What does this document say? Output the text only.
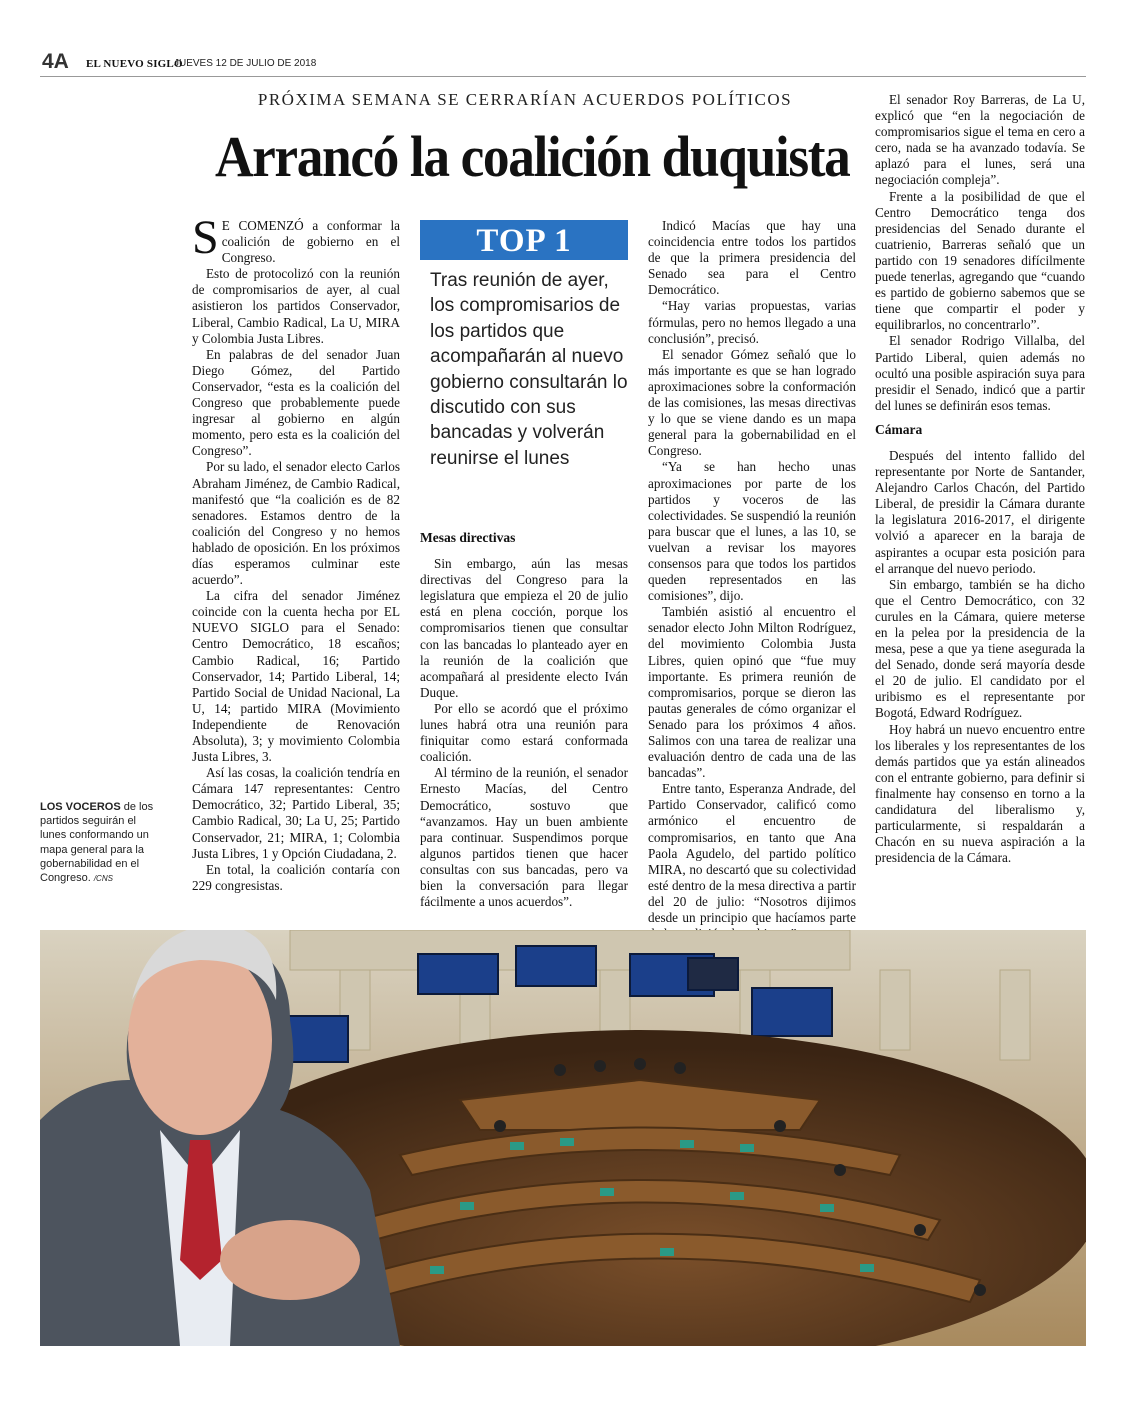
4A EL NUEVO SIGLO
JUEVES 12 DE JULIO DE 2018
PRÓXIMA SEMANA SE CERRARÍAN ACUERDOS POLÍTICOS
Arrancó la coalición duquista

S E COMENZÓ a conformar la coalición de gobierno en el Congreso.

Esto de protocolizó con la reunión de compromisarios de ayer, al cual asistieron los partidos Conservador, Liberal, Cambio Radical, La U, MIRA y Colombia Justa Libres.

En palabras de del senador Juan Diego Gómez, del Partido Conservador, “esta es la coalición del Congreso que probablemente puede ingresar al gobierno en algún momento, pero esta es la coalición del Congreso”.

Por su lado, el senador electo Carlos Abraham Jiménez, de Cambio Radical, manifestó que “la coalición es de 82 senadores. Estamos dentro de la coalición del Congreso y no hemos hablado de oposición. En los próximos días esperamos culminar este acuerdo”.

La cifra del senador Jiménez coincide con la cuenta hecha por EL NUEVO SIGLO para el Senado: Centro Democrático, 18 escaños; Cambio Radical, 16; Partido Conservador, 14; Partido Liberal, 14; Partido Social de Unidad Nacional, La U, 14; partido MIRA (Movimiento Independiente de Renovación Absoluta), 3; y movimiento Colombia Justa Libres, 3.

Así las cosas, la coalición tendría en Cámara 147 representantes: Centro Democrático, 32; Partido Liberal, 35; Cambio Radical, 30; La U, 25; Partido Conservador, 21; MIRA, 1; Colombia Justa Libres, 1 y Opción Ciudadana, 2.

En total, la coalición contaría con 229 congresistas.

TOP 1
Tras reunión de ayer, los compromisarios de los partidos que acompañarán al nuevo gobierno consultarán lo discutido con sus bancadas y volverán reunirse el lunes
Mesas directivas

Sin embargo, aún las mesas directivas del Congreso para la legislatura que empieza el 20 de julio está en plena cocción, porque los compromisarios tienen que consultar con las bancadas lo planteado ayer en la reunión de la coalición que acompañará al presidente electo Iván Duque.

Por ello se acordó que el próximo lunes habrá otra una reunión para finiquitar como estará conformada coalición.

Al término de la reunión, el senador Ernesto Macías, del Centro Democrático, sostuvo que “avanzamos. Hay un buen ambiente para continuar. Suspendimos porque algunos partidos tienen que hacer consultas con sus bancadas, pero va bien la conversación para llegar fácilmente a unos acuerdos”.

Indicó Macías que hay una coincidencia entre todos los partidos de que la primera presidencia del Senado sea para el Centro Democrático.

“Hay varias propuestas, varias fórmulas, pero no hemos llegado a una conclusión”, precisó.

El senador Gómez señaló que lo más importante es que se han logrado aproximaciones sobre la conformación de las comisiones, las mesas directivas y lo que se viene dando es un mapa general para la gobernabilidad en el Congreso.

“Ya se han hecho unas aproximaciones por parte de los partidos y voceros de las colectividades. Se suspendió la reunión para buscar que el lunes, a las 10, se vuelvan a revisar los mayores consensos para que todos los partidos queden representados en las comisiones”, dijo.

También asistió al encuentro el senador electo John Milton Rodríguez, del movimiento Colombia Justa Libres, quien opinó que “fue muy importante. Es primera reunión de compromisarios, porque se dieron las pautas generales de cómo organizar el Senado para los próximos 4 años. Salimos con una tarea de realizar una evaluación dentro de cada una de las bancadas”.

Entre tanto, Esperanza Andrade, del Partido Conservador, calificó como armónico el encuentro de compromisarios, en tanto que Ana Paola Agudelo, del partido político MIRA, no descartó que su colectividad esté dentro de la mesa directiva a partir del 20 de julio: “Nosotros dijimos desde un principio que hacíamos parte

El senador Roy Barreras, de La U, explicó que “en la negociación de compromisarios sigue el tema en cero a cero, nada se ha avanzado todavía. Se aplazó para el lunes, será una negociación compleja”.

Frente a la posibilidad de que el Centro Democrático tenga dos presidencias del Senado durante el cuatrienio, Barreras señaló que un partido con 19 senadores difícilmente puede tenerlas, agregando que “cuando es partido de gobierno sabemos que se tiene que compartir el poder y equilibrarlos, no concentrarlo”.

El senador Rodrigo Villalba, del Partido Liberal, quien además no ocultó una posible aspiración suya para presidir el Senado, indicó que a partir del lunes se definirán esos temas.

Cámara

Después del intento fallido del representante por Norte de Santander, Alejandro Carlos Chacón, del Partido Liberal, de presidir la Cámara durante la legislatura 2016-2017, el dirigente volvió a aparecer en la baraja de aspirantes a ocupar esta posición para el arranque del nuevo periodo.

Sin embargo, también se ha dicho que el Centro Democrático, con 32 curules en la Cámara, quiere meterse en la pelea por la presidencia de la mesa, pese a que ya tiene asegurada la del Senado, donde será mayoría desde el 20 de julio. El candidato por el uribismo es el representante por Bogotá, Edward Rodríguez.

Hoy habrá un nuevo encuentro entre los liberales y los representantes de los demás partidos que ya están alineados con el entrante gobierno, para definir si finalmente hay consenso en torno a la candidatura del liberalismo y, particularmente, si respaldarán a Chacón en su nueva aspiración a la presidencia de la Cámara.

LOS VOCEROS de los partidos seguirán el lunes conformando un mapa general para la gobernabilidad en el Congreso. /CNS
